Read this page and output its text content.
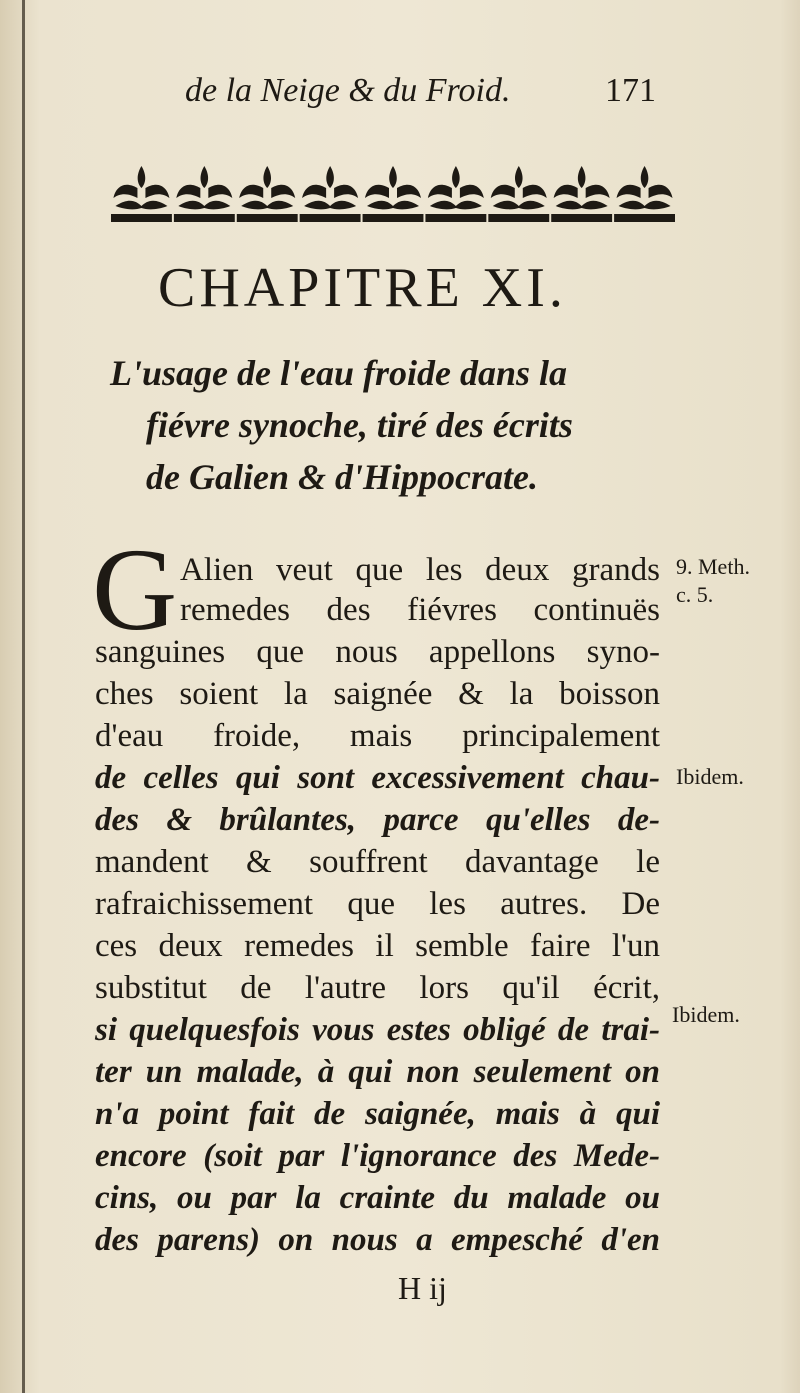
de la Neige & du Froid.	171
CHAPITRE XI.
L'usage de l'eau froide dans la
fiévre synoche, tiré des écrits
de Galien & d'Hippocrate.
G Alien veut que les deux grands
remedes des fiévres continuës
sanguines que nous appellons syno-
ches soient la saignée & la boisson
d'eau froide, mais principalement
de celles qui sont excessivement chau-
des & brûlantes, parce qu'elles de-
mandent & souffrent davantage le
rafraichissement que les autres. De
ces deux remedes il semble faire l'un
substitut de l'autre lors qu'il écrit,
si quelquesfois vous estes obligé de trai-
ter un malade, à qui non seulement on
n'a point fait de saignée, mais à qui
encore (soit par l'ignorance des Mede-
cins, ou par la crainte du malade ou
des parens) on nous a empesché d'en
9. Meth.
c. 5.
Ibidem.
Ibidem.
H ij
